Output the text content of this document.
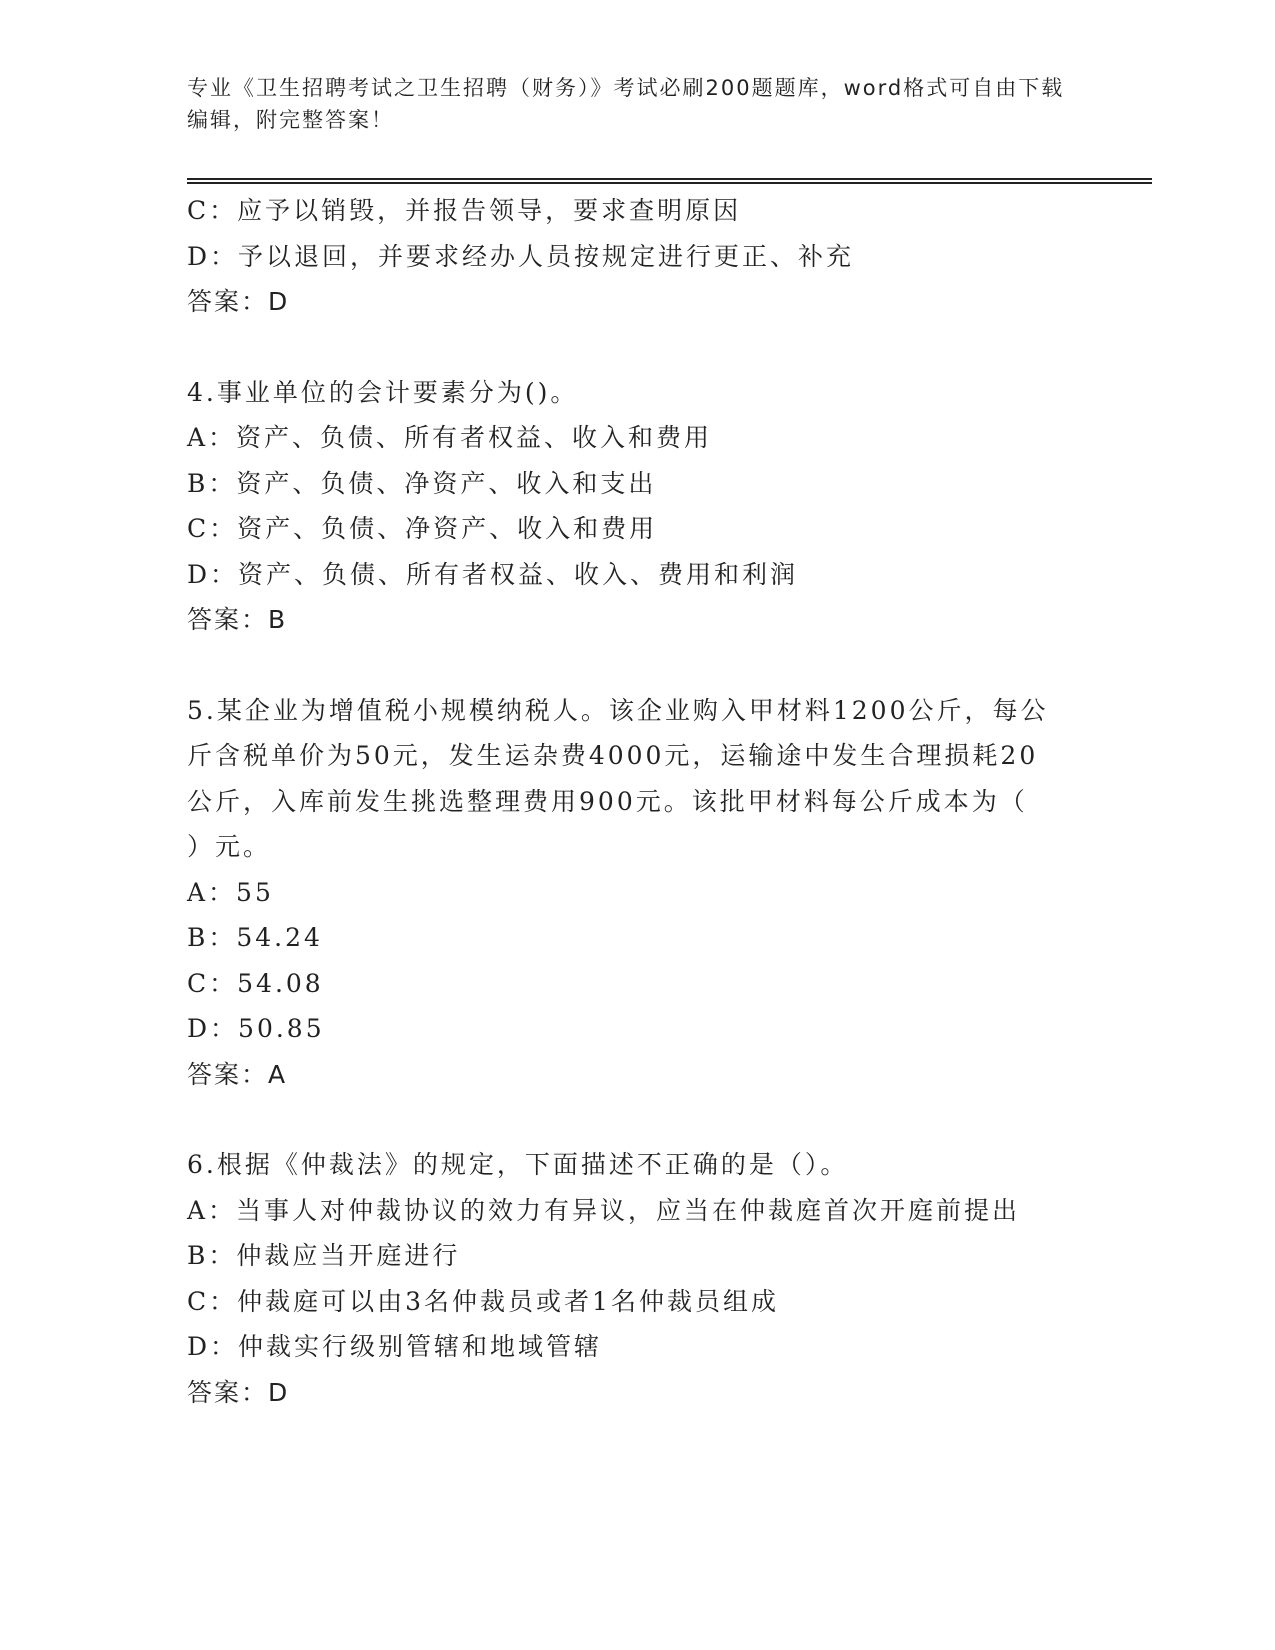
专业《卫生招聘考试之卫生招聘（财务）》考试必刷200题题库，word格式可自由下载编辑，附完整答案！
C：应予以销毁，并报告领导，要求查明原因
D：予以退回，并要求经办人员按规定进行更正、补充
答案：D
4.事业单位的会计要素分为()。
A：资产、负债、所有者权益、收入和费用
B：资产、负债、净资产、收入和支出
C：资产、负债、净资产、收入和费用
D：资产、负债、所有者权益、收入、费用和利润
答案：B
5.某企业为增值税小规模纳税人。该企业购入甲材料1200公斤，每公
斤含税单价为50元，发生运杂费4000元，运输途中发生合理损耗20
公斤，入库前发生挑选整理费用900元。该批甲材料每公斤成本为（
）元。
A：55
B：54.24
C：54.08
D：50.85
答案：A
6.根据《仲裁法》的规定，下面描述不正确的是（）。
A：当事人对仲裁协议的效力有异议，应当在仲裁庭首次开庭前提出
B：仲裁应当开庭进行
C：仲裁庭可以由3名仲裁员或者1名仲裁员组成
D：仲裁实行级别管辖和地域管辖
答案：D
